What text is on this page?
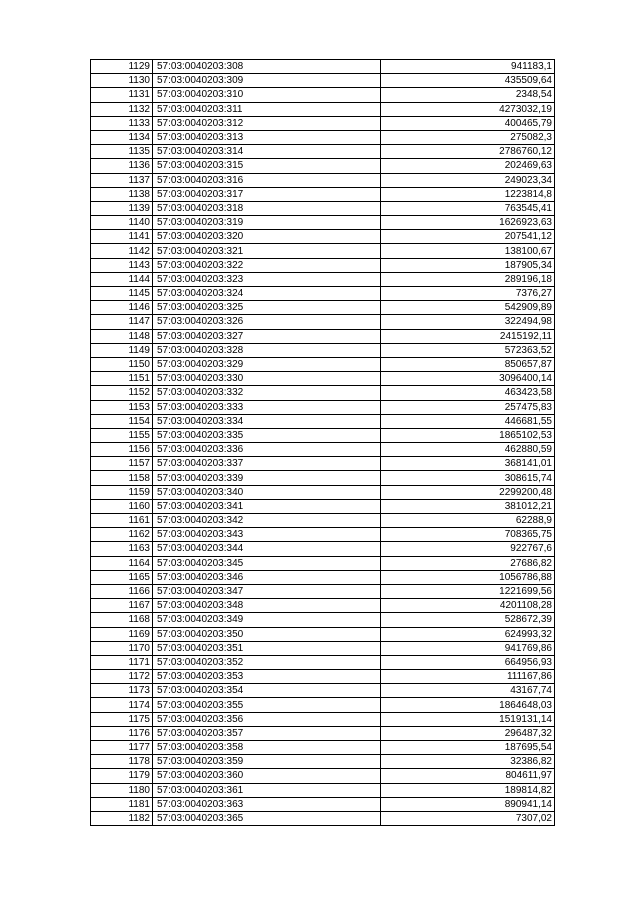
1129	57:03:0040203:308	941183,1
1130	57:03:0040203:309	435509,64
1131	57:03:0040203:310	2348,54
1132	57:03:0040203:311	4273032,19
1133	57:03:0040203:312	400465,79
1134	57:03:0040203:313	275082,3
1135	57:03:0040203:314	2786760,12
1136	57:03:0040203:315	202469,63
1137	57:03:0040203:316	249023,34
1138	57:03:0040203:317	1223814,8
1139	57:03:0040203:318	763545,41
1140	57:03:0040203:319	1626923,63
1141	57:03:0040203:320	207541,12
1142	57:03:0040203:321	138100,67
1143	57:03:0040203:322	187905,34
1144	57:03:0040203:323	289196,18
1145	57:03:0040203:324	7376,27
1146	57:03:0040203:325	542909,89
1147	57:03:0040203:326	322494,98
1148	57:03:0040203:327	2415192,11
1149	57:03:0040203:328	572363,52
1150	57:03:0040203:329	850657,87
1151	57:03:0040203:330	3096400,14
1152	57:03:0040203:332	463423,58
1153	57:03:0040203:333	257475,83
1154	57:03:0040203:334	446681,55
1155	57:03:0040203:335	1865102,53
1156	57:03:0040203:336	462880,59
1157	57:03:0040203:337	368141,01
1158	57:03:0040203:339	308615,74
1159	57:03:0040203:340	2299200,48
1160	57:03:0040203:341	381012,21
1161	57:03:0040203:342	62288,9
1162	57:03:0040203:343	708365,75
1163	57:03:0040203:344	922767,6
1164	57:03:0040203:345	27686,82
1165	57:03:0040203:346	1056786,88
1166	57:03:0040203:347	1221699,56
1167	57:03:0040203:348	4201108,28
1168	57:03:0040203:349	528672,39
1169	57:03:0040203:350	624993,32
1170	57:03:0040203:351	941769,86
1171	57:03:0040203:352	664956,93
1172	57:03:0040203:353	111167,86
1173	57:03:0040203:354	43167,74
1174	57:03:0040203:355	1864648,03
1175	57:03:0040203:356	1519131,14
1176	57:03:0040203:357	296487,32
1177	57:03:0040203:358	187695,54
1178	57:03:0040203:359	32386,82
1179	57:03:0040203:360	804611,97
1180	57:03:0040203:361	189814,82
1181	57:03:0040203:363	890941,14
1182	57:03:0040203:365	7307,02
